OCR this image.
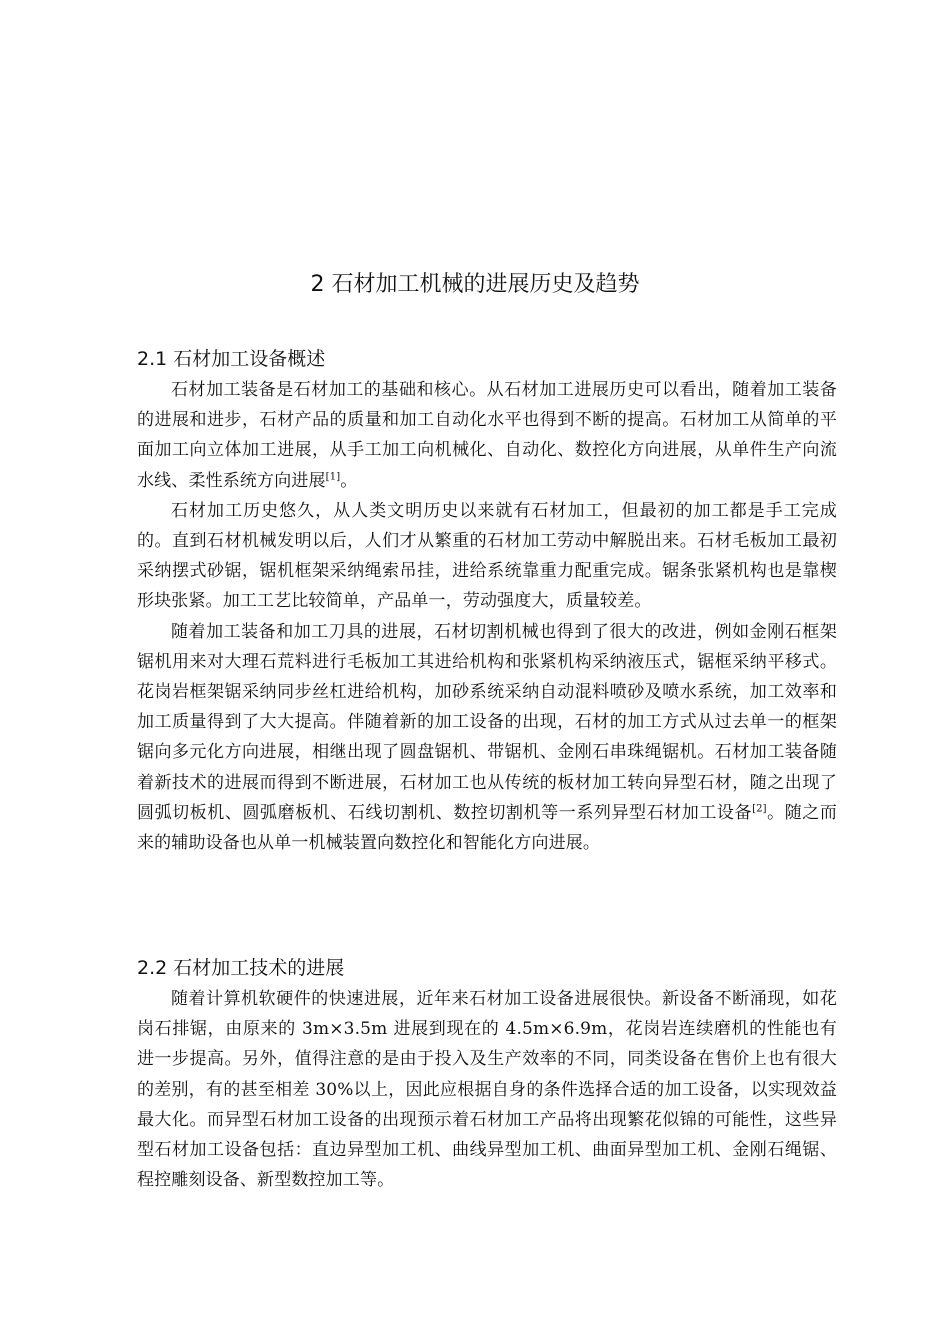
2 石材加工机械的进展历史及趋势
2.1 石材加工设备概述

石材加工装备是石材加工的基础和核心。从石材加工进展历史可以看出，随着加工装备的进展和进步，石材产品的质量和加工自动化水平也得到不断的提高。石材加工从简单的平面加工向立体加工进展，从手工加工向机械化、自动化、数控化方向进展，从单件生产向流水线、柔性系统方向进展[1]。

石材加工历史悠久，从人类文明历史以来就有石材加工，但最初的加工都是手工完成的。直到石材机械发明以后，人们才从繁重的石材加工劳动中解脱出来。石材毛板加工最初采纳摆式砂锯，锯机框架采纳绳索吊挂，进给系统靠重力配重完成。锯条张紧机构也是靠楔形块张紧。加工工艺比较简单，产品单一，劳动强度大，质量较差。

随着加工装备和加工刀具的进展，石材切割机械也得到了很大的改进，例如金刚石框架锯机用来对大理石荒料进行毛板加工其进给机构和张紧机构采纳液压式，锯框采纳平移式。花岗岩框架锯采纳同步丝杠进给机构，加砂系统采纳自动混料喷砂及喷水系统，加工效率和加工质量得到了大大提高。伴随着新的加工设备的出现，石材的加工方式从过去单一的框架锯向多元化方向进展，相继出现了圆盘锯机、带锯机、金刚石串珠绳锯机。石材加工装备随着新技术的进展而得到不断进展，石材加工也从传统的板材加工转向异型石材，随之出现了圆弧切板机、圆弧磨板机、石线切割机、数控切割机等一系列异型石材加工设备[2]。随之而来的辅助设备也从单一机械装置向数控化和智能化方向进展。

2.2 石材加工技术的进展

随着计算机软硬件的快速进展，近年来石材加工设备进展很快。新设备不断涌现，如花岗石排锯，由原来的 3m×3.5m 进展到现在的 4.5m×6.9m，花岗岩连续磨机的性能也有进一步提高。另外，值得注意的是由于投入及生产效率的不同，同类设备在售价上也有很大的差别，有的甚至相差 30%以上，因此应根据自身的条件选择合适的加工设备，以实现效益最大化。而异型石材加工设备的出现预示着石材加工产品将出现繁花似锦的可能性，这些异型石材加工设备包括：直边异型加工机、曲线异型加工机、曲面异型加工机、金刚石绳锯、程控雕刻设备、新型数控加工等。
